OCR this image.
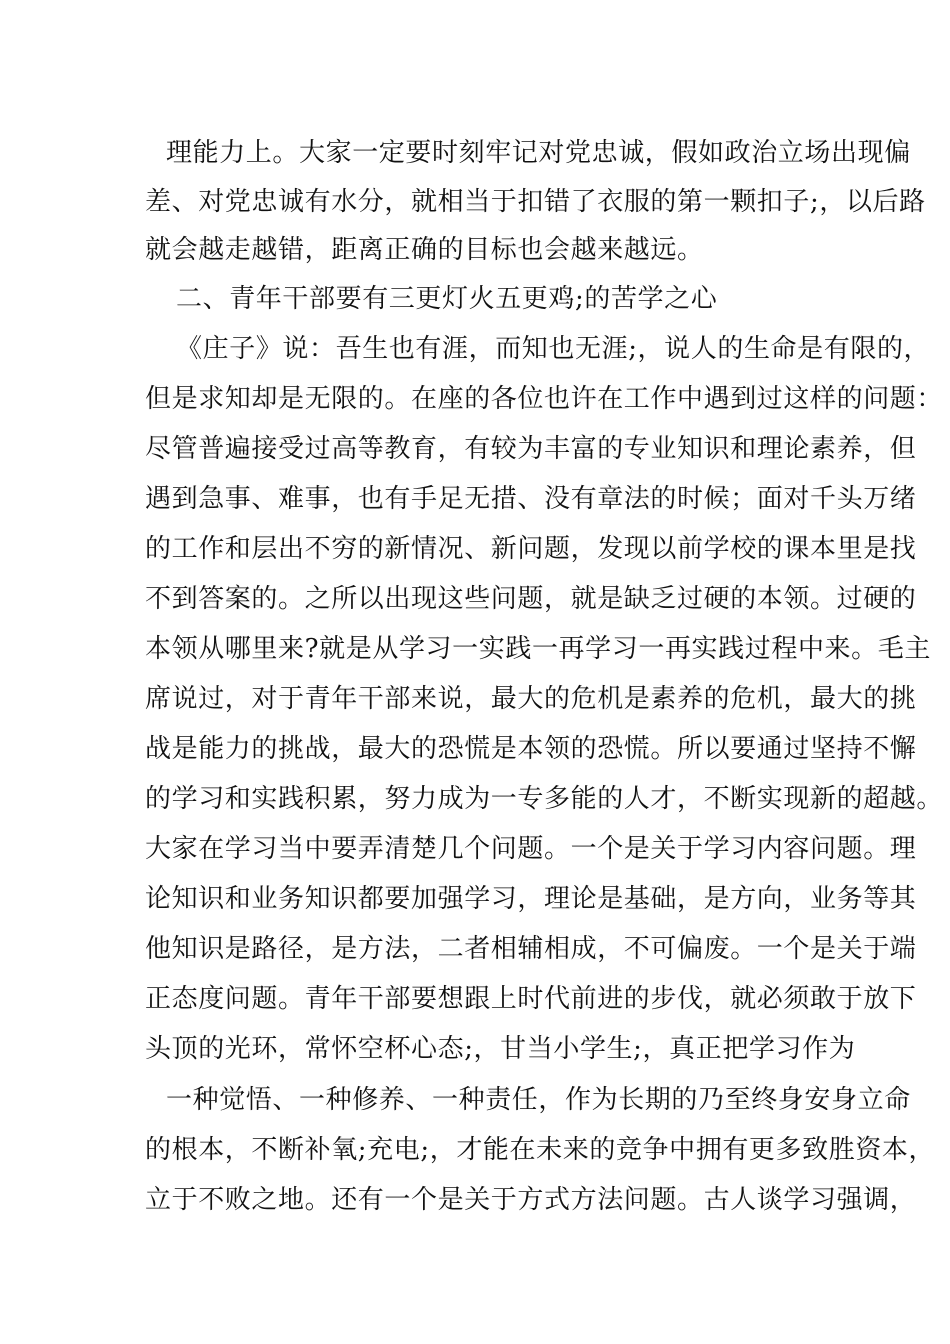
理能力上。大家一定要时刻牢记对党忠诚，假如政治立场出现偏
差、对党忠诚有水分，就相当于扣错了衣服的第一颗扣子;，以后路
就会越走越错，距离正确的目标也会越来越远。
二、青年干部要有三更灯火五更鸡;的苦学之心
《庄子》说：吾生也有涯，而知也无涯;，说人的生命是有限的，
但是求知却是无限的。在座的各位也许在工作中遇到过这样的问题：
尽管普遍接受过高等教育，有较为丰富的专业知识和理论素养，但
遇到急事、难事，也有手足无措、没有章法的时候；面对千头万绪
的工作和层出不穷的新情况、新问题，发现以前学校的课本里是找
不到答案的。之所以出现这些问题，就是缺乏过硬的本领。过硬的
本领从哪里来?就是从学习一实践一再学习一再实践过程中来。毛主
席说过，对于青年干部来说，最大的危机是素养的危机，最大的挑
战是能力的挑战，最大的恐慌是本领的恐慌。所以要通过坚持不懈
的学习和实践积累，努力成为一专多能的人才，不断实现新的超越。
大家在学习当中要弄清楚几个问题。一个是关于学习内容问题。理
论知识和业务知识都要加强学习，理论是基础，是方向，业务等其
他知识是路径，是方法，二者相辅相成，不可偏废。一个是关于端
正态度问题。青年干部要想跟上时代前进的步伐，就必须敢于放下
头顶的光环，常怀空杯心态;，甘当小学生;，真正把学习作为
一种觉悟、一种修养、一种责任，作为长期的乃至终身安身立命
的根本，不断补氧;充电;，才能在未来的竞争中拥有更多致胜资本，
立于不败之地。还有一个是关于方式方法问题。古人谈学习强调，
